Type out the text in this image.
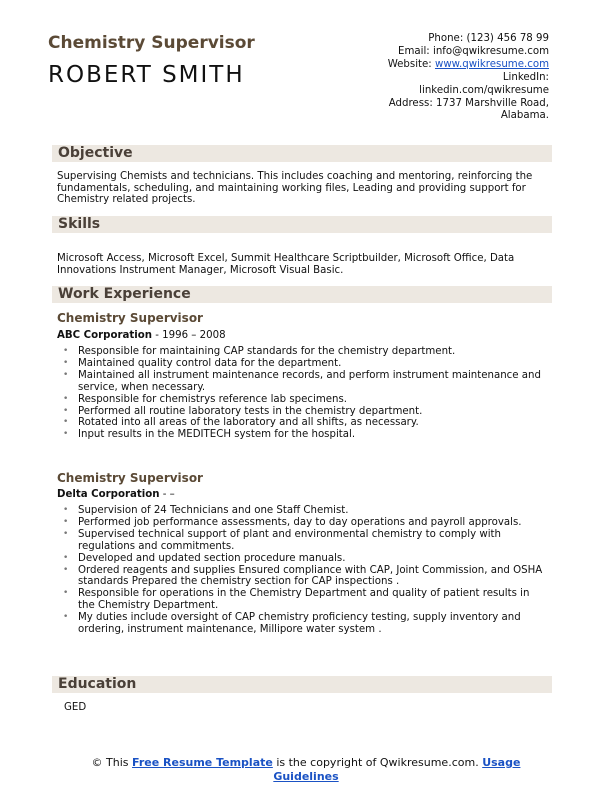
Chemistry Supervisor
ROBERT SMITH
Phone: (123) 456 78 99
Email: info@qwikresume.com
Website: www.qwikresume.com
LinkedIn:
linkedin.com/qwikresume
Address: 1737 Marshville Road, Alabama.
Objective
Supervising Chemists and technicians. This includes coaching and mentoring, reinforcing the fundamentals, scheduling, and maintaining working files, Leading and providing support for Chemistry related projects.
Skills
Microsoft Access, Microsoft Excel, Summit Healthcare Scriptbuilder, Microsoft Office, Data Innovations Instrument Manager, Microsoft Visual Basic.
Work Experience
Chemistry Supervisor
ABC Corporation - 1996 – 2008
• Responsible for maintaining CAP standards for the chemistry department.
• Maintained quality control data for the department.
• Maintained all instrument maintenance records, and perform instrument maintenance and service, when necessary.
• Responsible for chemistrys reference lab specimens.
• Performed all routine laboratory tests in the chemistry department.
• Rotated into all areas of the laboratory and all shifts, as necessary.
• Input results in the MEDITECH system for the hospital.
Chemistry Supervisor
Delta Corporation - –
• Supervision of 24 Technicians and one Staff Chemist.
• Performed job performance assessments, day to day operations and payroll approvals.
• Supervised technical support of plant and environmental chemistry to comply with regulations and commitments.
• Developed and updated section procedure manuals.
• Ordered reagents and supplies Ensured compliance with CAP, Joint Commission, and OSHA standards Prepared the chemistry section for CAP inspections .
• Responsible for operations in the Chemistry Department and quality of patient results in the Chemistry Department.
• My duties include oversight of CAP chemistry proficiency testing, supply inventory and ordering, instrument maintenance, Millipore water system .
Education
GED
© This Free Resume Template is the copyright of Qwikresume.com. Usage Guidelines
